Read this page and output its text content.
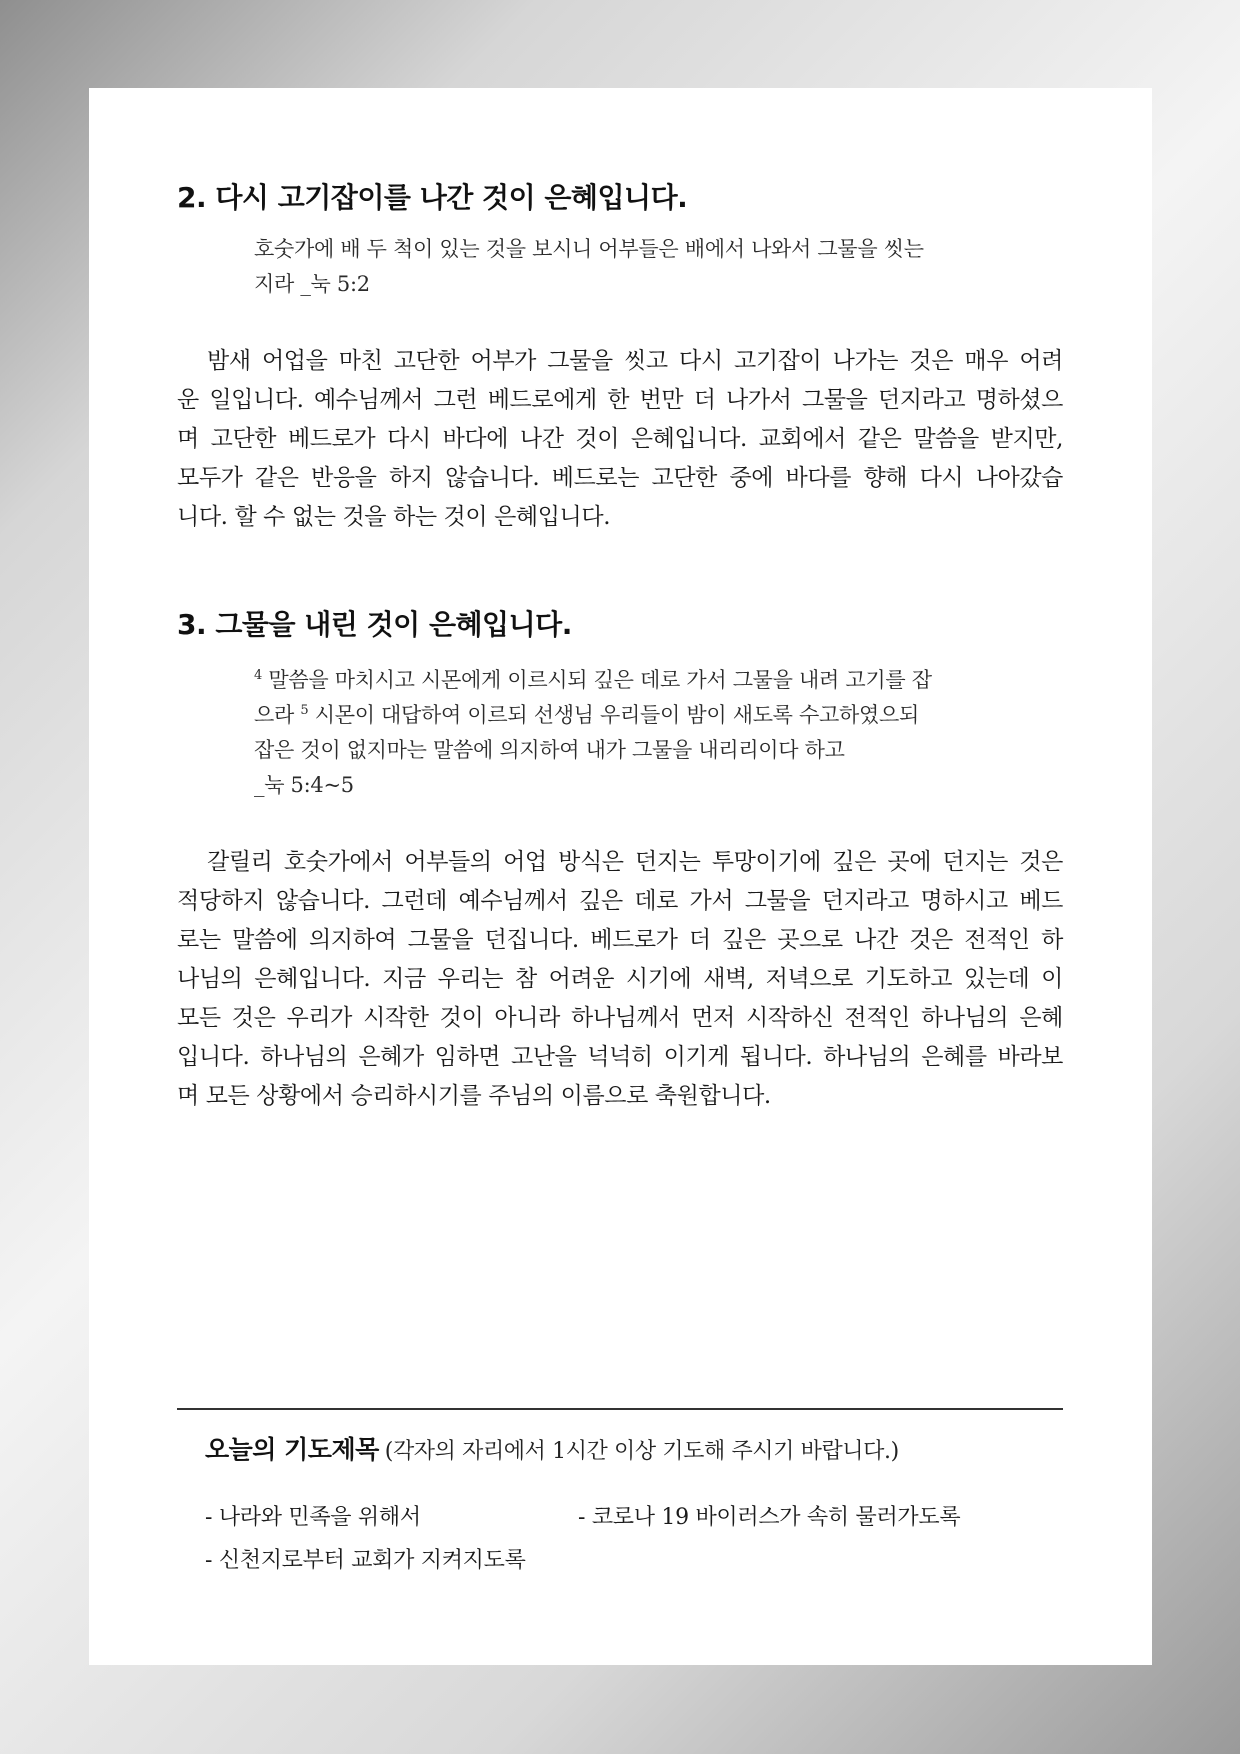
2. 다시 고기잡이를 나간 것이 은혜입니다.
호숫가에 배 두 척이 있는 것을 보시니 어부들은 배에서 나와서 그물을 씻는
지라 _눅 5:2
밤새 어업을 마친 고단한 어부가 그물을 씻고 다시 고기잡이 나가는 것은 매우 어려
운 일입니다. 예수님께서 그런 베드로에게 한 번만 더 나가서 그물을 던지라고 명하셨으
며 고단한 베드로가 다시 바다에 나간 것이 은혜입니다. 교회에서 같은 말씀을 받지만,
모두가 같은 반응을 하지 않습니다. 베드로는 고단한 중에 바다를 향해 다시 나아갔습
니다. 할 수 없는 것을 하는 것이 은혜입니다.
3. 그물을 내린 것이 은혜입니다.
$^4$ 말씀을 마치시고 시몬에게 이르시되 깊은 데로 가서 그물을 내려 고기를 잡
으라 $^5$ 시몬이 대답하여 이르되 선생님 우리들이 밤이 새도록 수고하였으되
잡은 것이 없지마는 말씀에 의지하여 내가 그물을 내리리이다 하고
_눅 5:4~5
갈릴리 호숫가에서 어부들의 어업 방식은 던지는 투망이기에 깊은 곳에 던지는 것은
적당하지 않습니다. 그런데 예수님께서 깊은 데로 가서 그물을 던지라고 명하시고 베드
로는 말씀에 의지하여 그물을 던집니다. 베드로가 더 깊은 곳으로 나간 것은 전적인 하
나님의 은혜입니다. 지금 우리는 참 어려운 시기에 새벽, 저녁으로 기도하고 있는데 이
모든 것은 우리가 시작한 것이 아니라 하나님께서 먼저 시작하신 전적인 하나님의 은혜
입니다. 하나님의 은혜가 임하면 고난을 넉넉히 이기게 됩니다. 하나님의 은혜를 바라보
며 모든 상황에서 승리하시기를 주님의 이름으로 축원합니다.
오늘의 기도제목 (각자의 자리에서 1시간 이상 기도해 주시기 바랍니다.)
- 나라와 민족을 위해서	- 코로나 19 바이러스가 속히 물러가도록
- 신천지로부터 교회가 지켜지도록
